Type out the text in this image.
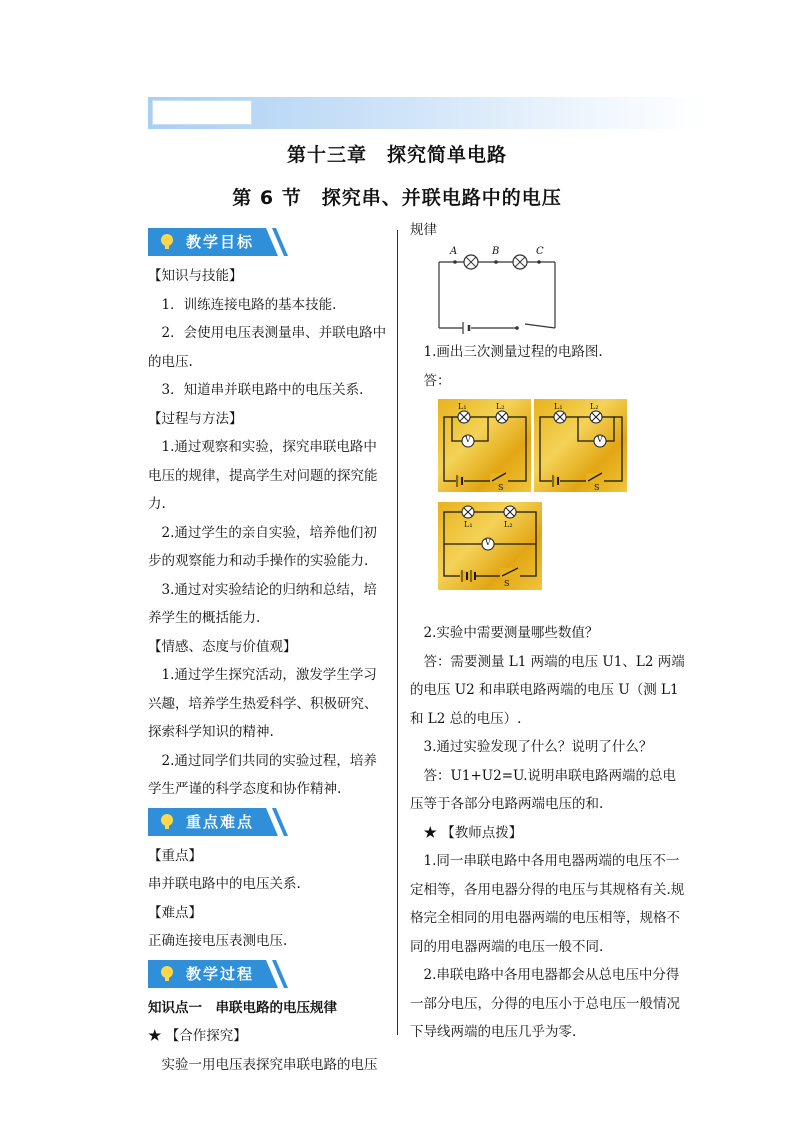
第十三章　探究简单电路
第 6 节　探究串、并联电路中的电压
教学目标

【知识与技能】

1．训练连接电路的基本技能.

2．会使用电压表测量串、并联电路中的电压.

3．知道串并联电路中的电压关系.

【过程与方法】

1.通过观察和实验，探究串联电路中电压的规律，提高学生对问题的探究能力.

2.通过学生的亲自实验，培养他们初步的观察能力和动手操作的实验能力.

3.通过对实验结论的归纳和总结，培养学生的概括能力.

【情感、态度与价值观】

1.通过学生探究活动，激发学生学习兴趣，培养学生热爱科学、积极研究、探索科学知识的精神.

2.通过同学们共同的实验过程，培养学生严谨的科学态度和协作精神.

重点难点

【重点】

串并联电路中的电压关系.

【难点】

正确连接电压表测电压.

教学过程

知识点一　串联电路的电压规律

★ 【合作探究】

实验一用电压表探究串联电路的电压

规律

A	B	C

1.画出三次测量过程的电路图.

答：

L₁	L₂
V
S
L₁	L₂
V
S
L₁	L₂
V
S

2.实验中需要测量哪些数值？

答：需要测量 L1 两端的电压 U1、L2 两端的电压 U2 和串联电路两端的电压 U（测 L1 和 L2 总的电压）.

3.通过实验发现了什么？说明了什么？

答：U1+U2=U.说明串联电路两端的总电压等于各部分电路两端电压的和.

★ 【教师点拨】

1.同一串联电路中各用电器两端的电压不一定相等，各用电器分得的电压与其规格有关.规格完全相同的用电器两端的电压相等，规格不同的用电器两端的电压一般不同.

2.串联电路中各用电器都会从总电压中分得一部分电压，分得的电压小于总电压一般情况下导线两端的电压几乎为零.
